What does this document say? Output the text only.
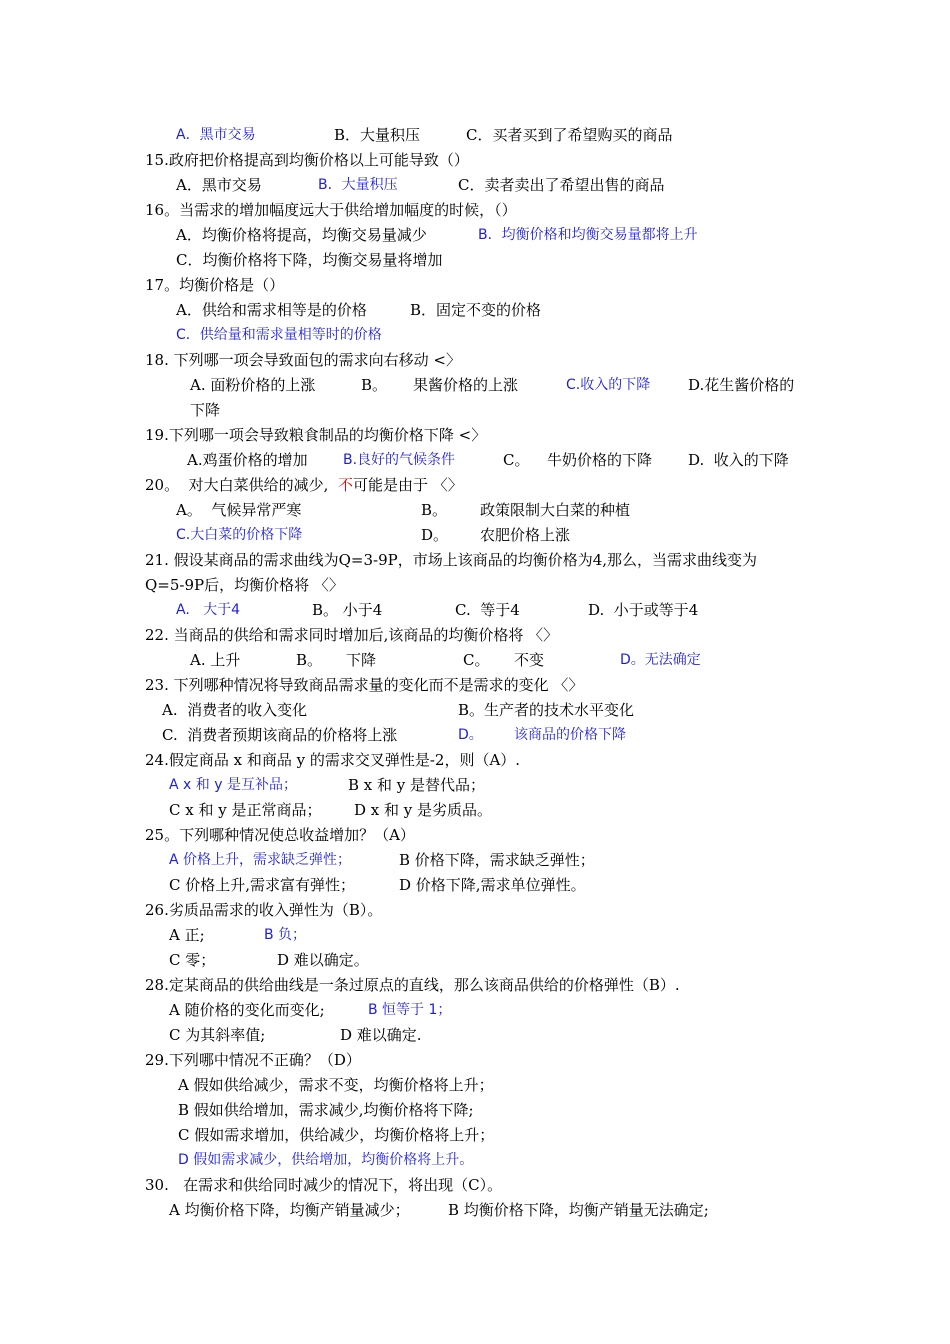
A．黑市交易	B．大量积压	C．买者买到了希望购买的商品
15.政府把价格提高到均衡价格以上可能导致（）
A．黑市交易	B．大量积压	C．卖者卖出了希望出售的商品
16。当需求的增加幅度远大于供给增加幅度的时候，（）
A．均衡价格将提高，均衡交易量减少	B．均衡价格和均衡交易量都将上升
C．均衡价格将下降，均衡交易量将增加
17。均衡价格是（）
A．供给和需求相等是的价格	B．固定不变的价格
C．供给量和需求量相等时的价格
18. 下列哪一项会导致面包的需求向右移动 <〉
A. 面粉价格的上涨	B。 果酱价格的上涨	C.收入的下降	D.花生酱价格的
下降
19.下列哪一项会导致粮食制品的均衡价格下降 <〉
A.鸡蛋价格的增加	B.良好的气候条件	C。 牛奶价格的下降 D.  收入的下降
20。  对大白菜供给的减少, 不 可能是由于 〈〉
A。  气候异常严寒	B。 政策限制大白菜的种植
C.大白菜的价格下降	D。 农肥价格上涨
21. 假设某商品的需求曲线为Q=3-9P，市场上该商品的均衡价格为4,那么，当需求曲线变为
Q=5-9P后，均衡价格将 〈〉
A.   大于4	B。 小于4	C.  等于4	D.  小于或等于4
22. 当商品的供给和需求同时增加后,该商品的均衡价格将 〈〉
A. 上升	B。 下降	C。 不变	D。无法确定
23. 下列哪种情况将导致商品需求量的变化而不是需求的变化 〈〉
A.  消费者的收入变化	B。生产者的技术水平变化
C.  消费者预期该商品的价格将上涨	D。 该商品的价格下降
24.假定商品 x 和商品 y 的需求交叉弹性是-2，则（A）.
A x 和 y 是互补品；	B x 和 y 是替代品；
C x 和 y 是正常商品； D x 和 y 是劣质品。
25。下列哪种情况使总收益增加？（A）
A 价格上升，需求缺乏弹性；	B 价格下降，需求缺乏弹性；
C 价格上升,需求富有弹性；	D 价格下降,需求单位弹性。
26.劣质品需求的收入弹性为（B）。
A 正;	B 负；
C 零；	D 难以确定。
28.定某商品的供给曲线是一条过原点的直线，那么该商品供给的价格弹性（B）.
A 随价格的变化而变化;	B 恒等于 1；
C 为其斜率值;	D 难以确定.
29.下列哪中情况不正确？（D）
A 假如供给减少，需求不变，均衡价格将上升；
B 假如供给增加，需求减少,均衡价格将下降;
C 假如需求增加，供给减少，均衡价格将上升；
D 假如需求减少，供给增加，均衡价格将上升。
30.   在需求和供给同时减少的情况下，将出现（C）。
A 均衡价格下降，均衡产销量减少；	B 均衡价格下降，均衡产销量无法确定;
